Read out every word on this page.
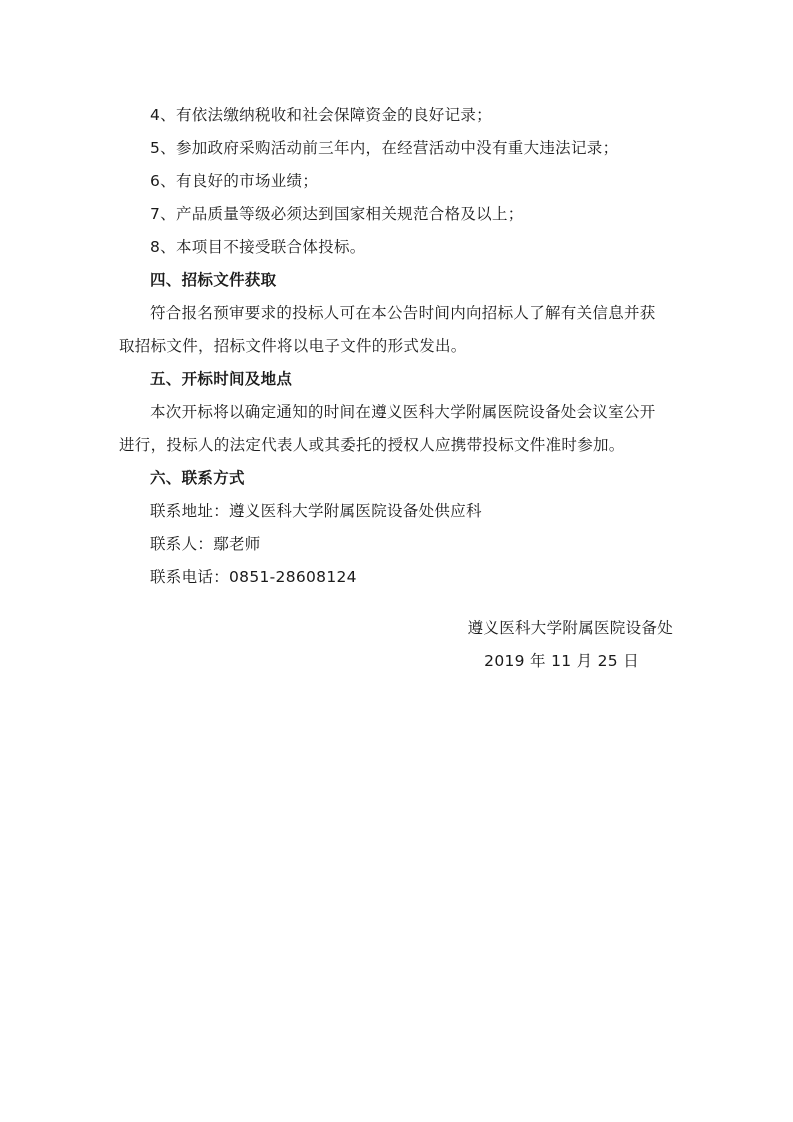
4、有依法缴纳税收和社会保障资金的良好记录；

5、参加政府采购活动前三年内，在经营活动中没有重大违法记录；

6、有良好的市场业绩；

7、产品质量等级必须达到国家相关规范合格及以上；

8、本项目不接受联合体投标。

四、招标文件获取

符合报名预审要求的投标人可在本公告时间内向招标人了解有关信息并获

取招标文件，招标文件将以电子文件的形式发出。

五、开标时间及地点

本次开标将以确定通知的时间在遵义医科大学附属医院设备处会议室公开

进行，投标人的法定代表人或其委托的授权人应携带投标文件准时参加。

六、联系方式

联系地址：遵义医科大学附属医院设备处供应科

联系人：鄢老师

联系电话：0851-28608124

遵义医科大学附属医院设备处

2019 年 11 月 25 日
